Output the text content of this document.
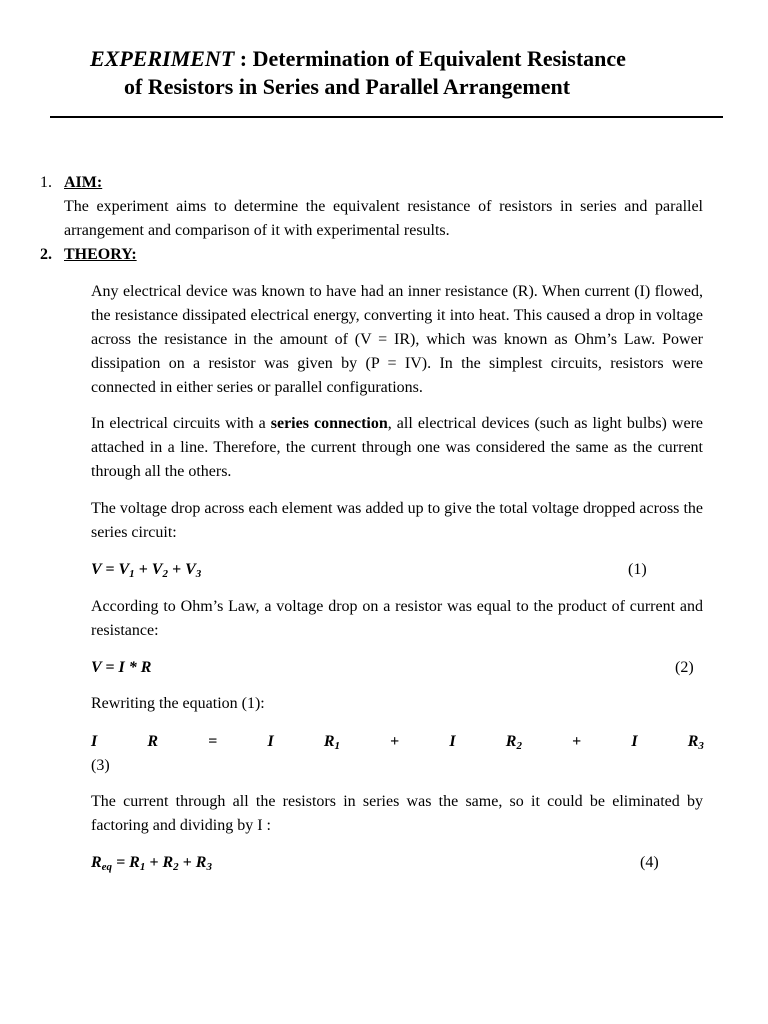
EXPERIMENT : Determination of Equivalent Resistance
of Resistors in Series and Parallel Arrangement
1. AIM:
The experiment aims to determine the equivalent resistance of resistors in series and parallel arrangement and comparison of it with experimental results.
2. THEORY:
Any electrical device was known to have had an inner resistance (R). When current (I) flowed, the resistance dissipated electrical energy, converting it into heat. This caused a drop in voltage across the resistance in the amount of (V = IR), which was known as Ohm’s Law. Power dissipation on a resistor was given by (P = IV). In the simplest circuits, resistors were connected in either series or parallel configurations.
In electrical circuits with a series connection, all electrical devices (such as light bulbs) were attached in a line. Therefore, the current through one was considered the same as the current through all the others.
The voltage drop across each element was added up to give the total voltage dropped across the series circuit:
$V = V_1 + V_2 + V_3$	(1)
According to Ohm’s Law, a voltage drop on a resistor was equal to the product of current and resistance:
V = I * R	(2)
Rewriting the equation (1):
I	R	=	I	$R_1$	+	I	$R_2$	+	I	$R_3$
(3)
The current through all the resistors in series was the same, so it could be eliminated by factoring and dividing by I :
$R_{eq} = R_1 + R_2 + R_3$	(4)
